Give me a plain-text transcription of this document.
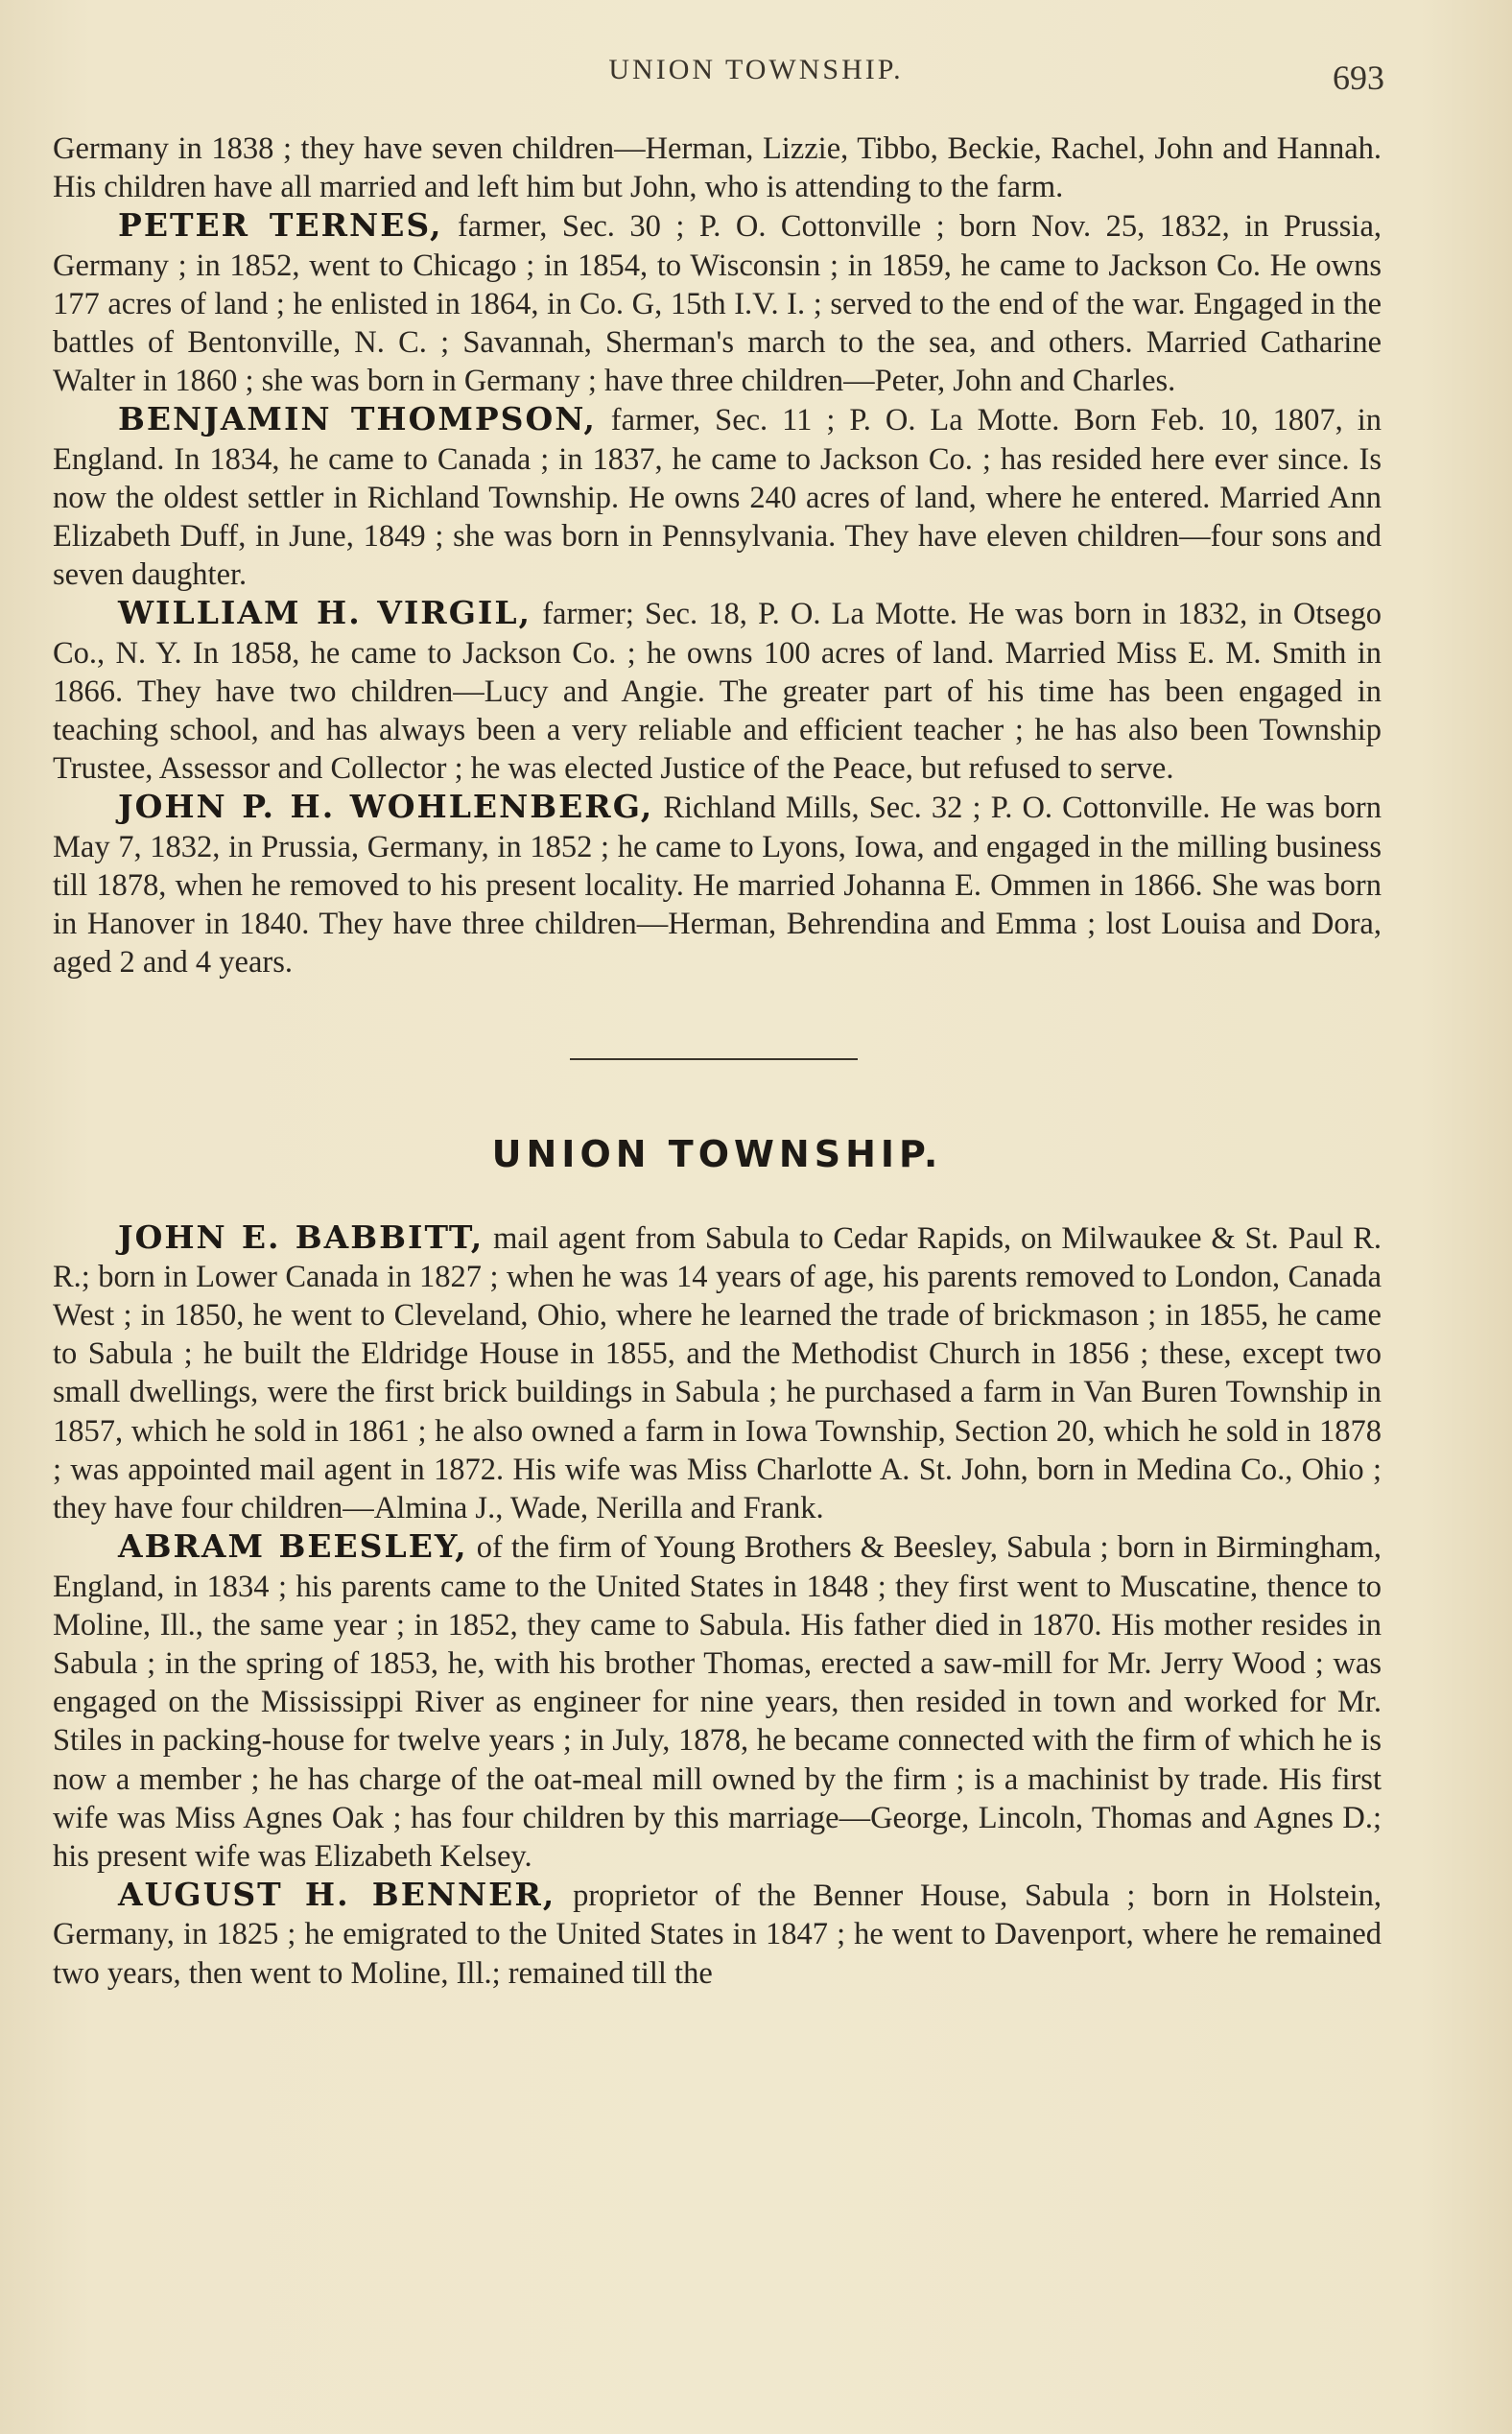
UNION TOWNSHIP.	693

Germany in 1838 ; they have seven children—Herman, Lizzie, Tibbo, Beckie, Rachel, John and Hannah. His children have all married and left him but John, who is attending to the farm.

PETER TERNES, farmer, Sec. 30 ; P. O. Cottonville ; born Nov. 25, 1832, in Prussia, Germany ; in 1852, went to Chicago ; in 1854, to Wisconsin ; in 1859, he came to Jackson Co. He owns 177 acres of land ; he enlisted in 1864, in Co. G, 15th I.V. I. ; served to the end of the war. Engaged in the battles of Bentonville, N. C. ; Savannah, Sherman's march to the sea, and others. Married Catharine Walter in 1860 ; she was born in Germany ; have three children—Peter, John and Charles.

BENJAMIN THOMPSON, farmer, Sec. 11 ; P. O. La Motte. Born Feb. 10, 1807, in England. In 1834, he came to Canada ; in 1837, he came to Jackson Co. ; has resided here ever since. Is now the oldest settler in Richland Township. He owns 240 acres of land, where he entered. Married Ann Elizabeth Duff, in June, 1849 ; she was born in Pennsylvania. They have eleven children—four sons and seven daughter.

WILLIAM H. VIRGIL, farmer; Sec. 18, P. O. La Motte. He was born in 1832, in Otsego Co., N. Y. In 1858, he came to Jackson Co. ; he owns 100 acres of land. Married Miss E. M. Smith in 1866. They have two children—Lucy and Angie. The greater part of his time has been engaged in teaching school, and has always been a very reliable and efficient teacher ; he has also been Township Trustee, Assessor and Collector ; he was elected Justice of the Peace, but refused to serve.

JOHN P. H. WOHLENBERG, Richland Mills, Sec. 32 ; P. O. Cottonville. He was born May 7, 1832, in Prussia, Germany, in 1852 ; he came to Lyons, Iowa, and engaged in the milling business till 1878, when he removed to his present locality. He married Johanna E. Ommen in 1866. She was born in Hanover in 1840. They have three children—Herman, Behrendina and Emma ; lost Louisa and Dora, aged 2 and 4 years.

UNION TOWNSHIP.

JOHN E. BABBITT, mail agent from Sabula to Cedar Rapids, on Milwaukee & St. Paul R. R.; born in Lower Canada in 1827 ; when he was 14 years of age, his parents removed to London, Canada West ; in 1850, he went to Cleveland, Ohio, where he learned the trade of brickmason ; in 1855, he came to Sabula ; he built the Eldridge House in 1855, and the Methodist Church in 1856 ; these, except two small dwellings, were the first brick buildings in Sabula ; he purchased a farm in Van Buren Township in 1857, which he sold in 1861 ; he also owned a farm in Iowa Township, Section 20, which he sold in 1878 ; was appointed mail agent in 1872. His wife was Miss Charlotte A. St. John, born in Medina Co., Ohio ; they have four children—Almina J., Wade, Nerilla and Frank.

ABRAM BEESLEY, of the firm of Young Brothers & Beesley, Sabula ; born in Birmingham, England, in 1834 ; his parents came to the United States in 1848 ; they first went to Muscatine, thence to Moline, Ill., the same year ; in 1852, they came to Sabula. His father died in 1870. His mother resides in Sabula ; in the spring of 1853, he, with his brother Thomas, erected a saw-mill for Mr. Jerry Wood ; was engaged on the Mississippi River as engineer for nine years, then resided in town and worked for Mr. Stiles in packing-house for twelve years ; in July, 1878, he became connected with the firm of which he is now a member ; he has charge of the oat-meal mill owned by the firm ; is a machinist by trade. His first wife was Miss Agnes Oak ; has four children by this marriage—George, Lincoln, Thomas and Agnes D.; his present wife was Elizabeth Kelsey.

AUGUST H. BENNER, proprietor of the Benner House, Sabula ; born in Holstein, Germany, in 1825 ; he emigrated to the United States in 1847 ; he went to Davenport, where he remained two years, then went to Moline, Ill.; remained till the
